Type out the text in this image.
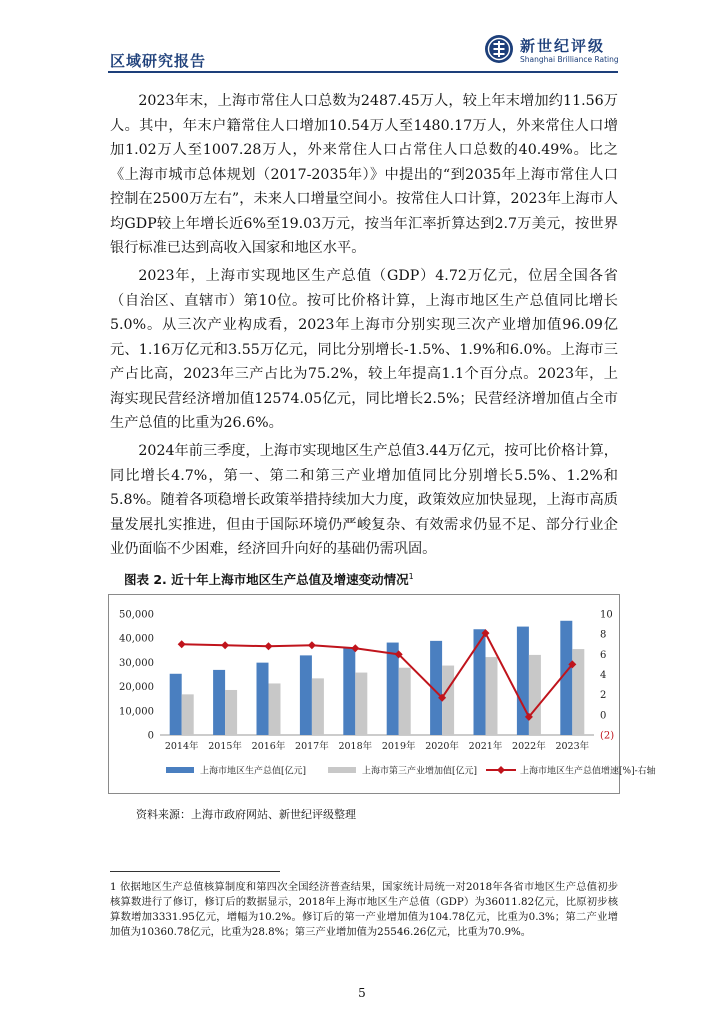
区域研究报告
新世纪评级
Shanghai Brilliance Rating

2023年末，上海市常住人口总数为2487.45万人，较上年末增加约11.56万人。其中，年末户籍常住人口增加10.54万人至1480.17万人，外来常住人口增加1.02万人至1007.28万人，外来常住人口占常住人口总数的40.49%。比之《上海市城市总体规划（2017-2035年）》中提出的“到2035年上海市常住人口控制在2500万左右”，未来人口增量空间小。按常住人口计算，2023年上海市人均GDP较上年增长近6%至19.03万元，按当年汇率折算达到2.7万美元，按世界银行标准已达到高收入国家和地区水平。

2023年，上海市实现地区生产总值（GDP）4.72万亿元，位居全国各省（自治区、直辖市）第10位。按可比价格计算，上海市地区生产总值同比增长5.0%。从三次产业构成看，2023年上海市分别实现三次产业增加值96.09亿元、1.16万亿元和3.55万亿元，同比分别增长-1.5%、1.9%和6.0%。上海市三产占比高，2023年三产占比为75.2%，较上年提高1.1个百分点。2023年，上海实现民营经济增加值12574.05亿元，同比增长2.5%；民营经济增加值占全市生产总值的比重为26.6%。

2024年前三季度，上海市实现地区生产总值3.44万亿元，按可比价格计算，同比增长4.7%，第一、第二和第三产业增加值同比分别增长5.5%、1.2%和5.8%。随着各项稳增长政策举措持续加大力度，政策效应加快显现，上海市高质量发展扎实推进，但由于国际环境仍严峻复杂、有效需求仍显不足、部分行业企业仍面临不少困难，经济回升向好的基础仍需巩固。

图表 2. 近十年上海市地区生产总值及增速变动情况$^1$
0
10,000
20,000
30,000
40,000
50,000
(2)
0
2
4
6
8
10
2014年 2015年 2016年 2017年 2018年 2019年 2020年 2021年 2022年 2023年
上海市地区生产总值[亿元]	上海市第三产业增加值[亿元]	上海市地区生产总值增速[%]-右轴
资料来源：上海市政府网站、新世纪评级整理

1 依据地区生产总值核算制度和第四次全国经济普查结果，国家统计局统一对2018年各省市地区生产总值初步核算数进行了修订，修订后的数据显示，2018年上海市地区生产总值（GDP）为36011.82亿元，比原初步核算数增加3331.95亿元，增幅为10.2%。修订后的第一产业增加值为104.78亿元，比重为0.3%；第二产业增加值为10360.78亿元，比重为28.8%；第三产业增加值为25546.26亿元，比重为70.9%。

5
